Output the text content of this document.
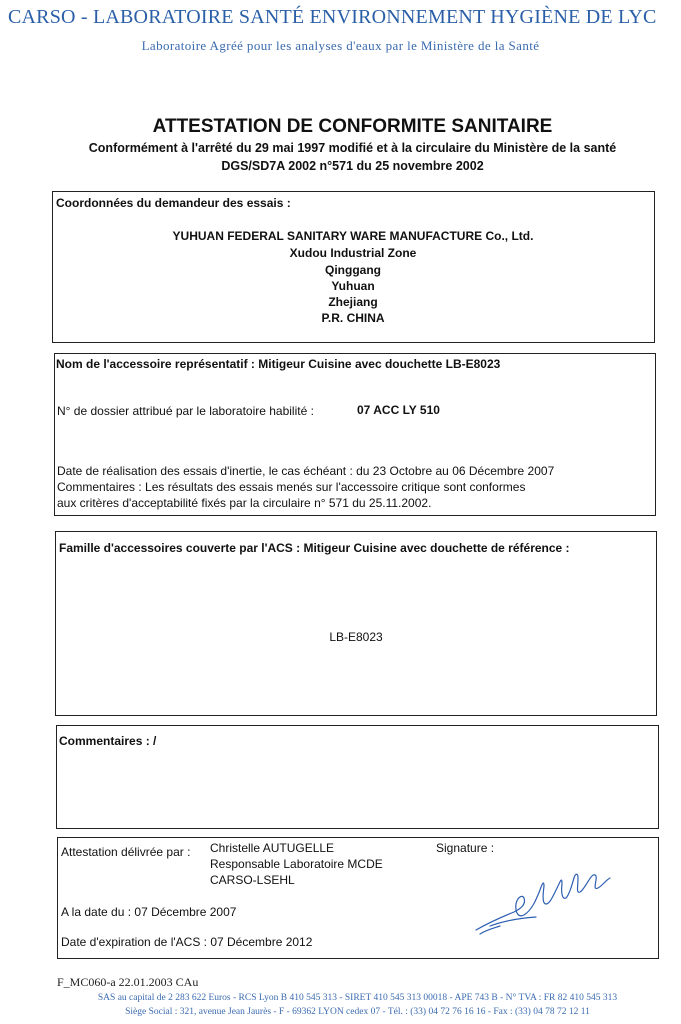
CARSO - LABORATOIRE SANTÉ ENVIRONNEMENT HYGIÈNE DE LYC
Laboratoire Agréé pour les analyses d'eaux par le Ministère de la Santé
ATTESTATION DE CONFORMITE SANITAIRE
Conformément à l'arrêté du 29 mai 1997 modifié et à la circulaire du Ministère de la santé
DGS/SD7A 2002 n°571 du 25 novembre 2002
Coordonnées du demandeur des essais :
YUHUAN FEDERAL SANITARY WARE MANUFACTURE Co., Ltd.
Xudou Industrial Zone
Qinggang
Yuhuan
Zhejiang
P.R. CHINA
Nom de l'accessoire représentatif : Mitigeur Cuisine avec douchette LB-E8023
N° de dossier attribué par le laboratoire habilité :	07 ACC LY 510
Date de réalisation des essais d'inertie, le cas échéant : du 23 Octobre au 06 Décembre 2007
Commentaires : Les résultats des essais menés sur l'accessoire critique sont conformes
aux critères d'acceptabilité fixés par la circulaire n° 571 du 25.11.2002.
Famille d'accessoires couverte par l'ACS : Mitigeur Cuisine avec douchette de référence :
LB-E8023
Commentaires : /
Attestation délivrée par : Christelle AUTUGELLE
Responsable Laboratoire MCDE
CARSO-LSEHL
Signature :
A la date du : 07 Décembre 2007
Date d'expiration de l'ACS : 07 Décembre 2012
F_MC060-a 22.01.2003 CAu
SAS au capital de 2 283 622 Euros - RCS Lyon B 410 545 313 - SIRET 410 545 313 00018 - APE 743 B - N° TVA : FR 82 410 545 313
Siège Social : 321, avenue Jean Jaurès - F - 69362 LYON cedex 07 - Tél. : (33) 04 72 76 16 16 - Fax : (33) 04 78 72 12 11
